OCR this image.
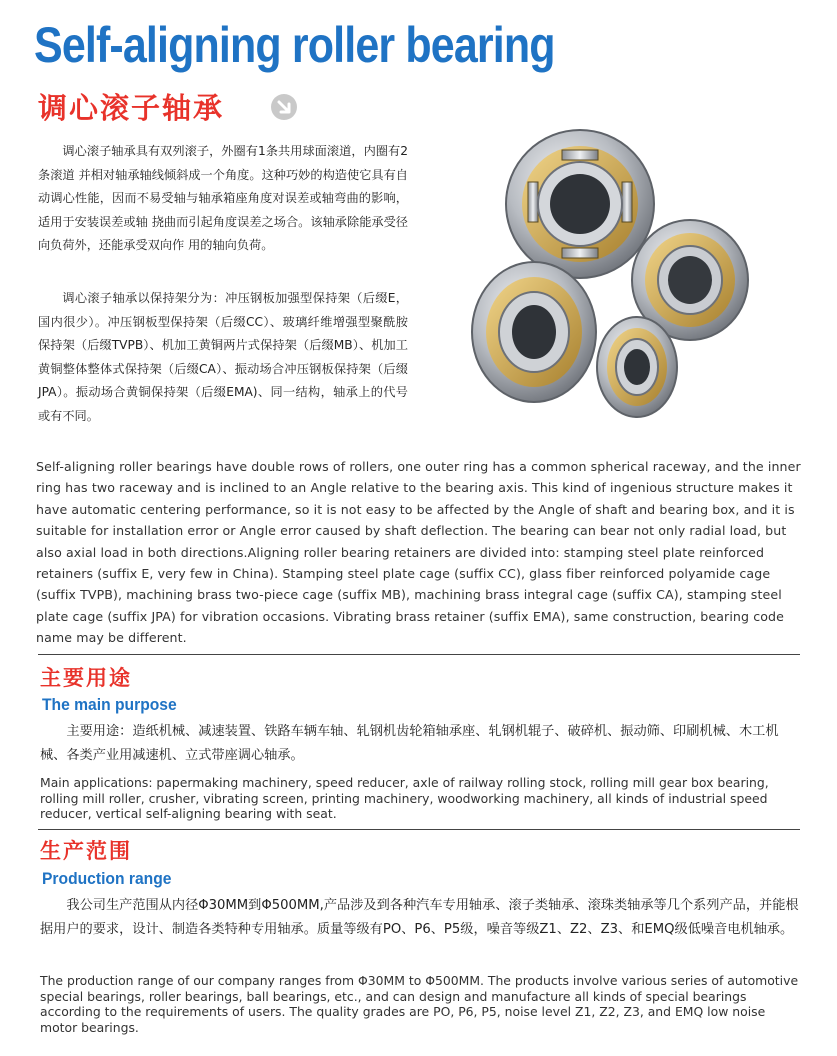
Self-aligning roller bearing
调心滚子轴承

调心滚子轴承具有双列滚子，外圈有1条共用球面滚道，内圈有2条滚道 并相对轴承轴线倾斜成一个角度。这种巧妙的构造使它具有自动调心性能，因而不易受轴与轴承箱座角度对误差或轴弯曲的影响，适用于安装误差或轴 挠曲而引起角度误差之场合。该轴承除能承受径向负荷外，还能承受双向作 用的轴向负荷。

调心滚子轴承以保持架分为：冲压钢板加强型保持架（后缀E，国内很少）。冲压钢板型保持架（后缀CC）、玻璃纤维增强型聚酰胺保持架（后缀TVPB）、机加工黄铜两片式保持架（后缀MB）、机加工黄铜整体整体式保持架（后缀CA）、振动场合冲压钢板保持架（后缀JPA）。振动场合黄铜保持架（后缀EMA)、同一结构，轴承上的代号或有不同。

Self-aligning roller bearings have double rows of rollers, one outer ring has a common spherical raceway, and the inner ring has two raceway and is inclined to an Angle relative to the bearing axis. This kind of ingenious structure makes it have automatic centering performance, so it is not easy to be affected by the Angle of shaft and bearing box, and it is suitable for installation error or Angle error caused by shaft deflection. The bearing can bear not only radial load, but also axial load in both directions.Aligning roller bearing retainers are divided into: stamping steel plate reinforced retainers (suffix E, very few in China). Stamping steel plate cage (suffix CC), glass fiber reinforced polyamide cage (suffix TVPB), machining brass two-piece cage (suffix MB), machining brass integral cage (suffix CA), stamping steel plate cage (suffix JPA) for vibration occasions. Vibrating brass retainer (suffix EMA), same construction, bearing code name may be different.

主要用途
The main purpose

主要用途：造纸机械、减速装置、铁路车辆车轴、轧钢机齿轮箱轴承座、轧钢机辊子、破碎机、振动筛、印刷机械、木工机械、各类产业用减速机、立式带座调心轴承。

Main applications: papermaking machinery, speed reducer, axle of railway rolling stock, rolling mill gear box bearing, rolling mill roller, crusher, vibrating screen, printing machinery, woodworking machinery, all kinds of industrial speed reducer, vertical self-aligning bearing with seat.

生产范围
Production range

我公司生产范围从内径Φ30MM到Φ500MM,产品涉及到各种汽车专用轴承、滚子类轴承、滚珠类轴承等几个系列产品，并能根据用户的要求，设计、制造各类特种专用轴承。质量等级有PO、P6、P5级，噪音等级Z1、Z2、Z3、和EMQ级低噪音电机轴承。

The production range of our company ranges from Φ30MM to Φ500MM. The products involve various series of automotive special bearings, roller bearings, ball bearings, etc., and can design and manufacture all kinds of special bearings according to the requirements of users. The quality grades are PO, P6, P5, noise level Z1, Z2, Z3, and EMQ low noise motor bearings.
